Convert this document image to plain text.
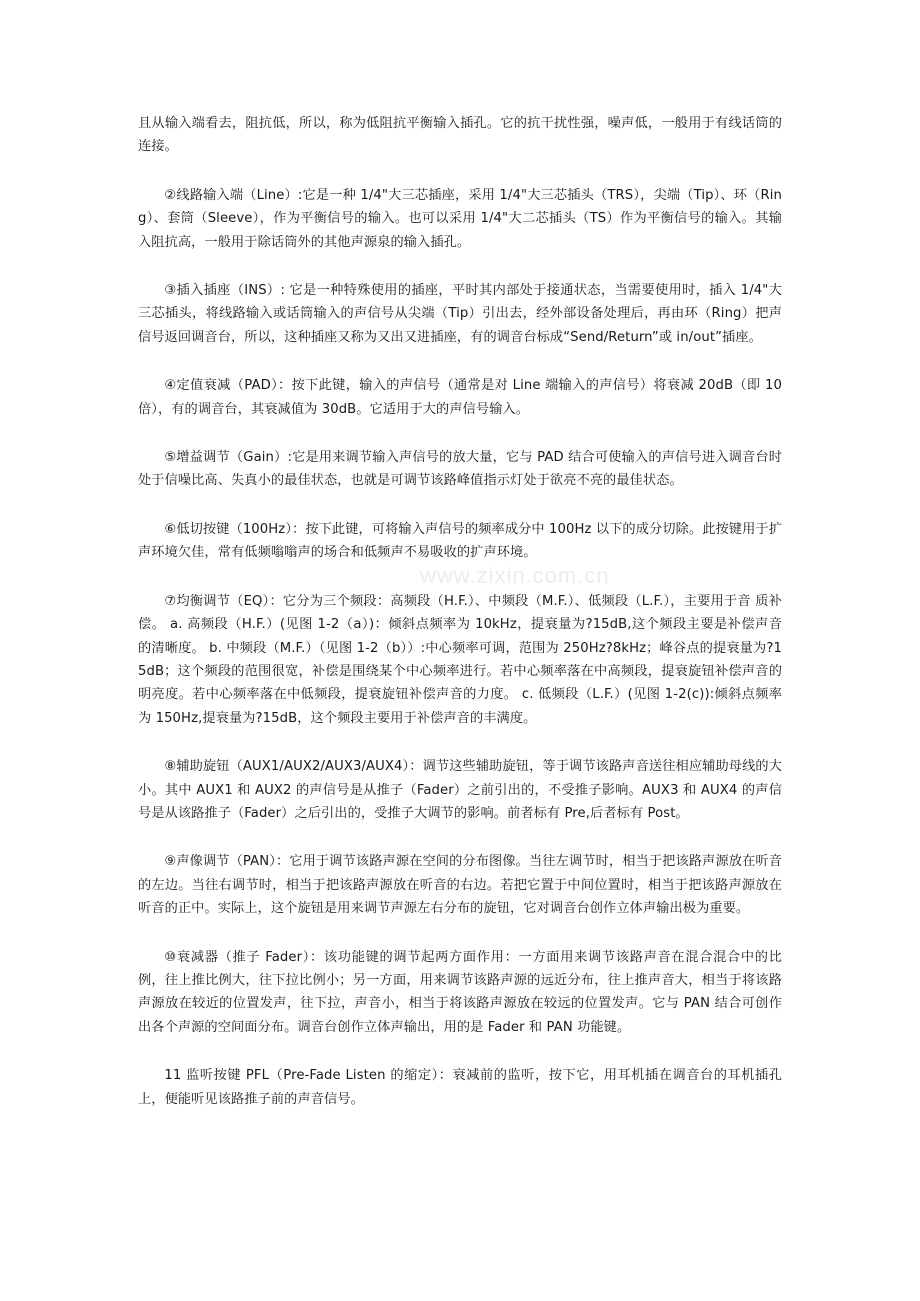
且从输入端看去，阻抗低，所以，称为低阻抗平衡输入插孔。它的抗干扰性强，噪声低，一般用于有线话筒的连接。

②线路输入端（Line）:它是一种 1/4"大三芯插座，采用 1/4"大三芯插头（TRS），尖端（Tip）、环（Ring）、套筒（Sleeve），作为平衡信号的输入。也可以采用 1/4"大二芯插头（TS）作为平衡信号的输入。其输入阻抗高，一般用于除话筒外的其他声源泉的输入插孔。

③插入插座（INS）: 它是一种特殊使用的插座，平时其内部处于接通状态，当需要使用时，插入 1/4"大三芯插头，将线路输入或话筒输入的声信号从尖端（Tip）引出去，经外部设备处理后，再由环（Ring）把声信号返回调音台，所以，这种插座又称为又出又进插座，有的调音台标成“Send/Return”或 in/out”插座。

④定值衰减（PAD）：按下此键，输入的声信号（通常是对 Line 端输入的声信号）将衰减 20dB（即 10 倍），有的调音台，其衰减值为 30dB。它适用于大的声信号输入。

⑤增益调节（Gain）:它是用来调节输入声信号的放大量，它与 PAD 结合可使输入的声信号进入调音台时处于信噪比高、失真小的最佳状态，也就是可调节该路峰值指示灯处于欲亮不亮的最佳状态。

⑥低切按键（100Hz）：按下此键，可将输入声信号的频率成分中 100Hz 以下的成分切除。此按键用于扩声环境欠佳，常有低频嗡嗡声的场合和低频声不易吸收的扩声环境。

⑦均衡调节（EQ）：它分为三个频段：高频段（H.F.）、中频段（M.F.）、低频段（L.F.），主要用于音 质补偿。 a. 高频段（H.F.）(见图 1-2（a）)：倾斜点频率为 10kHz，提衰量为?15dB,这个频段主要是补偿声音 的清晰度。 b. 中频段（M.F.）（见图 1-2（b））:中心频率可调，范围为 250Hz?8kHz；峰谷点的提衰量为?15dB；这个频段的范围很宽，补偿是围绕某个中心频率进行。若中心频率落在中高频段，提衰旋钮补偿声音的明亮度。若中心频率落在中低频段，提衰旋钮补偿声音的力度。 c. 低频段（L.F.）(见图 1-2(c)):倾斜点频率为 150Hz,提衰量为?15dB，这个频段主要用于补偿声音的丰满度。

⑧辅助旋钮（AUX1/AUX2/AUX3/AUX4）：调节这些辅助旋钮，等于调节该路声音送往相应辅助母线的大小。其中 AUX1 和 AUX2 的声信号是从推子（Fader）之前引出的，不受推子影响。AUX3 和 AUX4 的声信号是从该路推子（Fader）之后引出的，受推子大调节的影响。前者标有 Pre,后者标有 Post。

⑨声像调节（PAN）：它用于调节该路声源在空间的分布图像。当往左调节时，相当于把该路声源放在听音的左边。当往右调节时，相当于把该路声源放在听音的右边。若把它置于中间位置时，相当于把该路声源放在听音的正中。实际上，这个旋钮是用来调节声源左右分布的旋钮，它对调音台创作立体声输出极为重要。

⑩衰减器（推子 Fader）：该功能键的调节起两方面作用：一方面用来调节该路声音在混合混合中的比例，往上推比例大，往下拉比例小；另一方面，用来调节该路声源的远近分布，往上推声音大，相当于将该路声源放在较近的位置发声，往下拉，声音小，相当于将该路声源放在较远的位置发声。它与 PAN 结合可创作出各个声源的空间面分布。调音台创作立体声输出，用的是 Fader 和 PAN 功能键。

11 监听按键 PFL（Pre-Fade Listen 的缩定）：衰减前的监听，按下它，用耳机插在调音台的耳机插孔 上，便能听见该路推子前的声音信号。

www.zixin.com.cn
